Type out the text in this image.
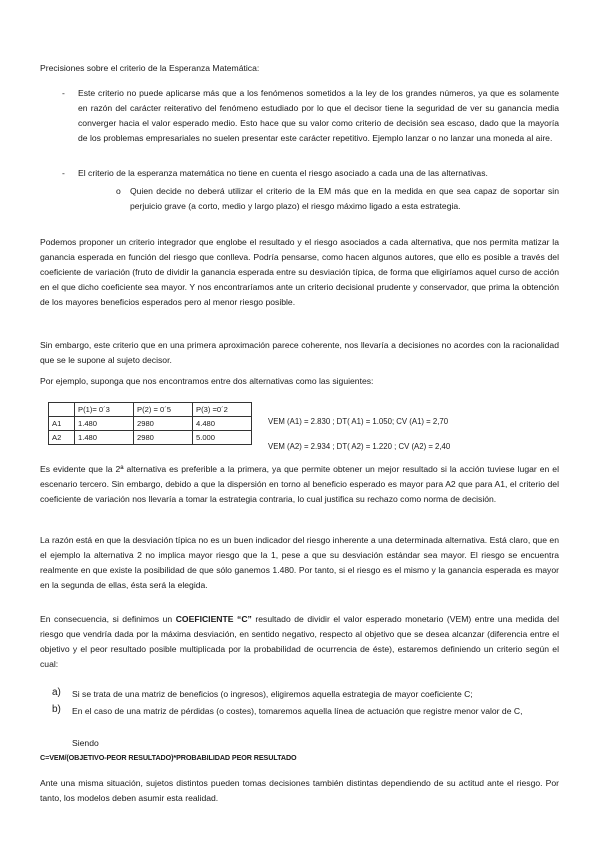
Precisiones sobre el criterio de la Esperanza Matemática:
- Este criterio no puede aplicarse más que a los fenómenos sometidos a la ley de los grandes números, ya que es solamente en razón del carácter reiterativo del fenómeno estudiado por lo que el decisor tiene la seguridad de ver su ganancia media converger hacia el valor esperado medio. Esto hace que su valor como criterio de decisión sea escaso, dado que la mayoría de los problemas empresariales no suelen presentar este carácter repetitivo. Ejemplo lanzar o no lanzar una moneda al aire.
- El criterio de la esperanza matemática no tiene en cuenta el riesgo asociado a cada una de las alternativas.
o Quien decide no deberá utilizar el criterio de la EM más que en la medida en que sea capaz de soportar sin perjuicio grave (a corto, medio y largo plazo) el riesgo máximo ligado a esta estrategia.
Podemos proponer un criterio integrador que englobe el resultado y el riesgo asociados a cada alternativa, que nos permita matizar la ganancia esperada en función del riesgo que conlleva. Podría pensarse, como hacen algunos autores, que ello es posible a través del coeficiente de variación (fruto de dividir la ganancia esperada entre su desviación típica, de forma que eligiríamos aquel curso de acción en el que dicho coeficiente sea mayor. Y nos encontraríamos ante un criterio decisional prudente y conservador, que prima la obtención de los mayores beneficios esperados pero al menor riesgo posible.
Sin embargo, este criterio que en una primera aproximación parece coherente, nos llevaría a decisiones no acordes con la racionalidad que se le supone al sujeto decisor.
Por ejemplo, suponga que nos encontramos entre dos alternativas como las siguientes:
	P(1)= 0´3	P(2) = 0´5	P(3) =0´2
A1	1.480	2980	4.480
A2	1.480	2980	5.000
VEM (A1) = 2.830 ; DT( A1) = 1.050; CV (A1) = 2,70
VEM (A2) = 2.934 ; DT( A2) = 1.220 ; CV (A2) = 2,40
Es evidente que la 2ª alternativa es preferible a la primera, ya que permite obtener un mejor resultado si la acción tuviese lugar en el escenario tercero. Sin embargo, debido a que la dispersión en torno al beneficio esperado es mayor para A2 que para A1, el criterio del coeficiente de variación nos llevaría a tomar la estrategia contraria, lo cual justifica su rechazo como norma de decisión.
La razón está en que la desviación típica no es un buen indicador del riesgo inherente a una determinada alternativa. Está claro, que en el ejemplo la alternativa 2 no implica mayor riesgo que la 1, pese a que su desviación estándar sea mayor. El riesgo se encuentra realmente en que existe la posibilidad de que sólo ganemos 1.480. Por tanto, si el riesgo es el mismo y la ganancia esperada es mayor en la segunda de ellas, ésta será la elegida.
En consecuencia, si definimos un COEFICIENTE “C” resultado de dividir el valor esperado monetario (VEM) entre una medida del riesgo que vendría dada por la máxima desviación, en sentido negativo, respecto al objetivo que se desea alcanzar (diferencia entre el objetivo y el peor resultado posible multiplicada por la probabilidad de ocurrencia de éste), estaremos definiendo un criterio según el cual:
a) Si se trata de una matriz de beneficios (o ingresos), eligiremos aquella estrategia de mayor coeficiente C;
b) En el caso de una matriz de pérdidas (o costes), tomaremos aquella línea de actuación que registre menor valor de C,
Siendo
C=VEM/(OBJETIVO-PEOR RESULTADO)*PROBABILIDAD PEOR RESULTADO
Ante una misma situación, sujetos distintos pueden tomas decisiones también distintas dependiendo de su actitud ante el riesgo. Por tanto, los modelos deben asumir esta realidad.
